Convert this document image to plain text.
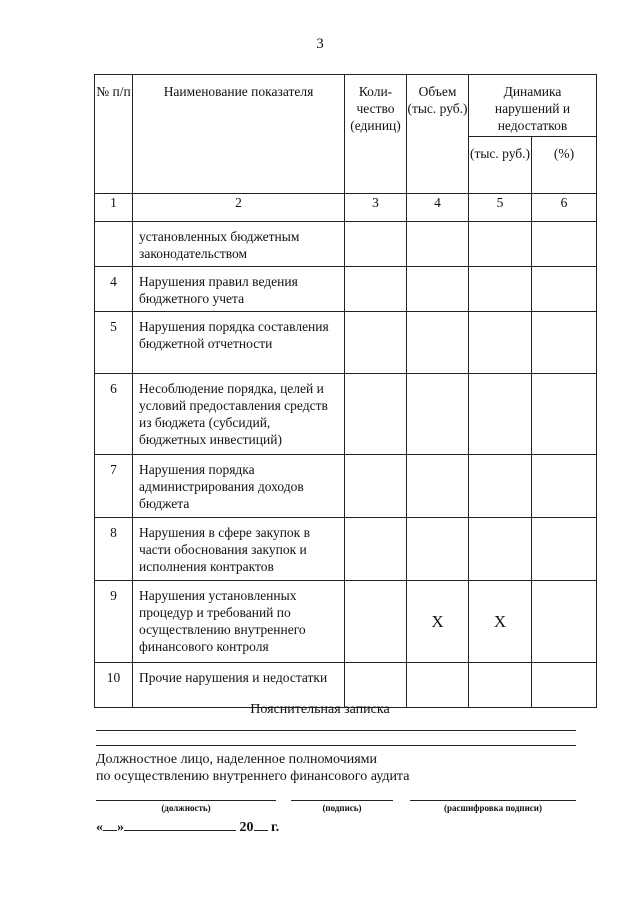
3
№ п/п	Наименование показателя	Коли-чество (единиц)	Объем (тыс. руб.)	Динамика нарушений и недостатков	
				(тыс. руб.)	(%)
1	2	3	4	5	6
	установленных бюджетным законодательством				
4	Нарушения правил ведения бюджетного учета				
5	Нарушения порядка составления бюджетной отчетности				
6	Несоблюдение порядка, целей и условий предоставления средств из бюджета (субсидий, бюджетных инвестиций)				
7	Нарушения порядка администрирования доходов бюджета				
8	Нарушения в сфере закупок в части обоснования закупок и исполнения контрактов				
9	Нарушения установленных процедур и требований по осуществлению внутреннего финансового контроля		X	X	
10	Прочие нарушения и недостатки				
Пояснительная записка
Должностное лицо, наделенное полномочиями
по осуществлению внутреннего финансового аудита
(должность)	(подпись)	(расшифровка подписи)
« »	20 г.
